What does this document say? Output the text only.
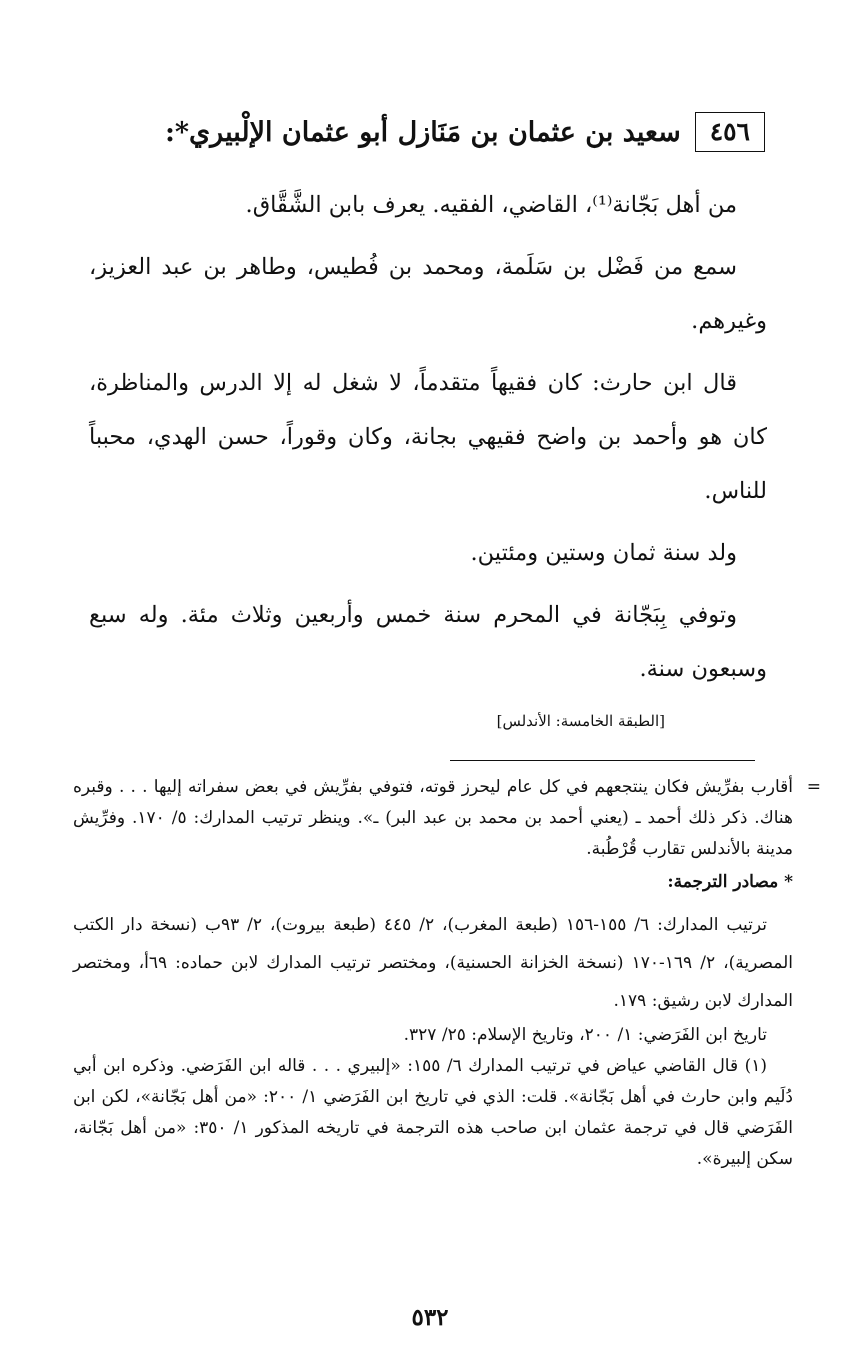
٤٥٦
سعيد بن عثمان بن مَنَازل أبو عثمان الإلْبيري*:

من أهل بَجّانة⁽¹⁾، القاضي، الفقيه. يعرف بابن الشَّقَّاق.

سمع من فَضْل بن سَلَمة، ومحمد بن فُطيس، وطاهر بن عبد العزيز، وغيرهم.

قال ابن حارث: كان فقيهاً متقدماً، لا شغل له إلا الدرس والمناظرة، كان هو وأحمد بن واضح فقيهي بجانة، وكان وقوراً، حسن الهدي، محبباً للناس.

ولد سنة ثمان وستين ومئتين.

وتوفي بِبَجّانة في المحرم سنة خمس وأربعين وثلاث مئة. وله سبع وسبعون سنة.

[الطبقة الخامسة: الأندلس]
=

أقارب بفرِّيش فكان ينتجعهم في كل عام ليحرز قوته، فتوفي بفرِّيش في بعض سفراته إليها . . . وقبره هناك. ذكر ذلك أحمد ـ (يعني أحمد بن محمد بن عبد البر) ـ». وينظر ترتيب المدارك: ٥/ ١٧٠. وفرِّيش مدينة بالأندلس تقارب قُرْطُبة.

* مصادر الترجمة:

ترتيب المدارك: ٦/ ١٥٥-١٥٦ (طبعة المغرب)، ٢/ ٤٤٥ (طبعة بيروت)، ٢/ ٩٣ب (نسخة دار الكتب المصرية)، ٢/ ١٦٩-١٧٠ (نسخة الخزانة الحسنية)، ومختصر ترتيب المدارك لابن حماده: ٦٩أ، ومختصر المدارك لابن رشيق: ١٧٩.

تاريخ ابن الفَرَضي: ١/ ٢٠٠، وتاريخ الإسلام: ٢٥/ ٣٢٧.

(١) قال القاضي عياض في ترتيب المدارك ٦/ ١٥٥: «إلبيري . . . قاله ابن الفَرَضي. وذكره ابن أبي دُلَيم وابن حارث في أهل بَجّانة». قلت: الذي في تاريخ ابن الفَرَضي ١/ ٢٠٠: «من أهل بَجّانة»، لكن ابن الفَرَضي قال في ترجمة عثمان ابن صاحب هذه الترجمة في تاريخه المذكور ١/ ٣٥٠: «من أهل بَجّانة، سكن إلبيرة».

٥٣٢
